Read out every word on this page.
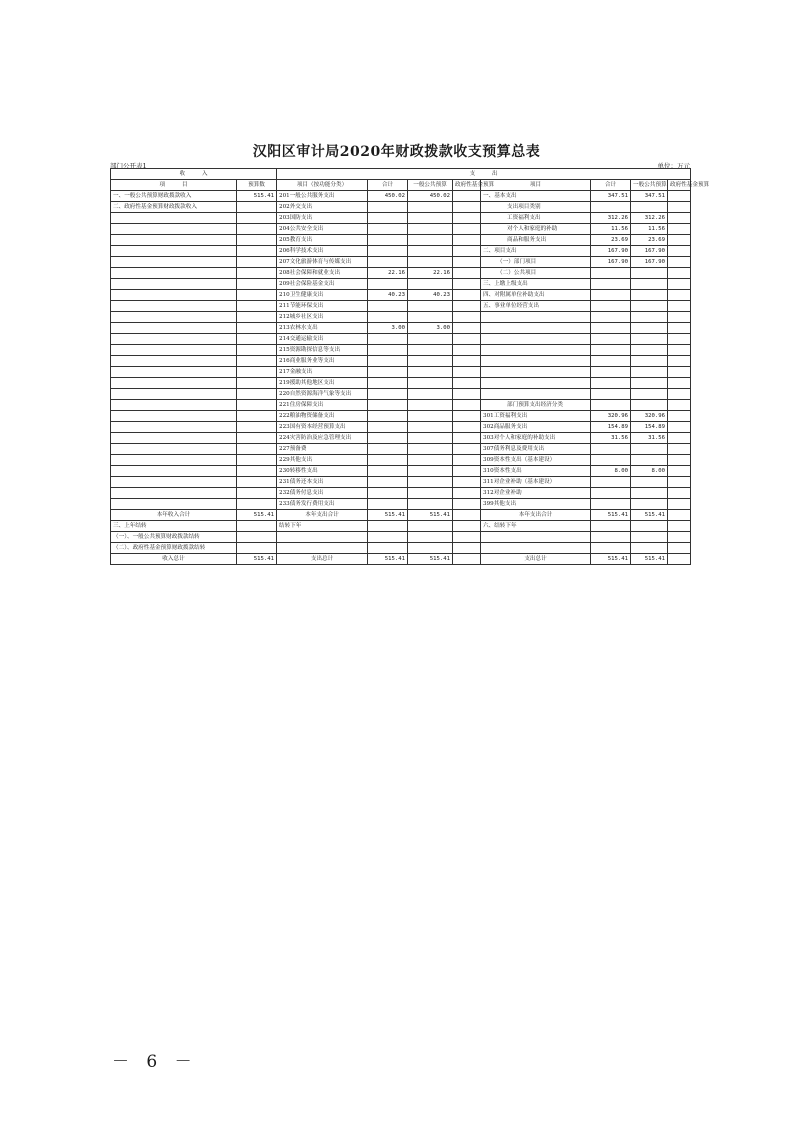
汉阳区审计局2020年财政拨款收支预算总表
部门公开表1	单位：万元
收　　　入		支　　　出							
项　　　目	预算数	项目（按功能分类）	合计	一般公共预算	政府性基金预算	项目	合计	一般公共预算	政府性基金预算
一、一般公共预算财政拨款收入	515.41	201一般公共服务支出	450.02	450.02		一、基本支出	347.51	347.51	
二、政府性基金预算财政拨款收入		202外交支出				支出项目类别			
		203国防支出				工资福利支出	312.26	312.26	
		204公共安全支出				对个人和家庭的补助	11.56	11.56	
		205教育支出				商品和服务支出	23.69	23.69	
		206科学技术支出				二、项目支出	167.90	167.90	
		207文化旅游体育与传媒支出				（一）部门项目	167.90	167.90	
		208社会保障和就业支出	22.16	22.16		（二）公共项目			
		209社会保险基金支出				三、上缴上级支出			
		210卫生健康支出	40.23	40.23		四、对附属单位补助支出			
		211节能环保支出				五、事业单位经营支出			
		212城乡社区支出							
		213农林水支出	3.00	3.00					
		214交通运输支出							
		215资源勘探信息等支出							
		216商业服务业等支出							
		217金融支出							
		219援助其他地区支出							
		220自然资源海洋气象等支出							
		221住房保障支出				部门预算支出经济分类			
		222粮油物资储备支出				301工资福利支出	320.96	320.96	
		223国有资本经营预算支出				302商品服务支出	154.89	154.89	
		224灾害防治及应急管理支出				303对个人和家庭的补助支出	31.56	31.56	
		227预备费				307债务利息及费用支出			
		229其他支出				309资本性支出（基本建设）			
		230转移性支出				310资本性支出	8.00	8.00	
		231债务还本支出				311对企业补助（基本建设）			
		232债务付息支出				312对企业补助			
		233债务发行费用支出				399其他支出			
本年收入合计	515.41	本年支出合计	515.41	515.41		本年支出合计	515.41	515.41	
三、上年结转		结转下年				六、结转下年			
（一）、一般公共预算财政拨款结转									
（二）、政府性基金预算财政拨款结转									
收入总计	515.41	支出总计	515.41	515.41		支出总计	515.41	515.41	
－ 6 －
